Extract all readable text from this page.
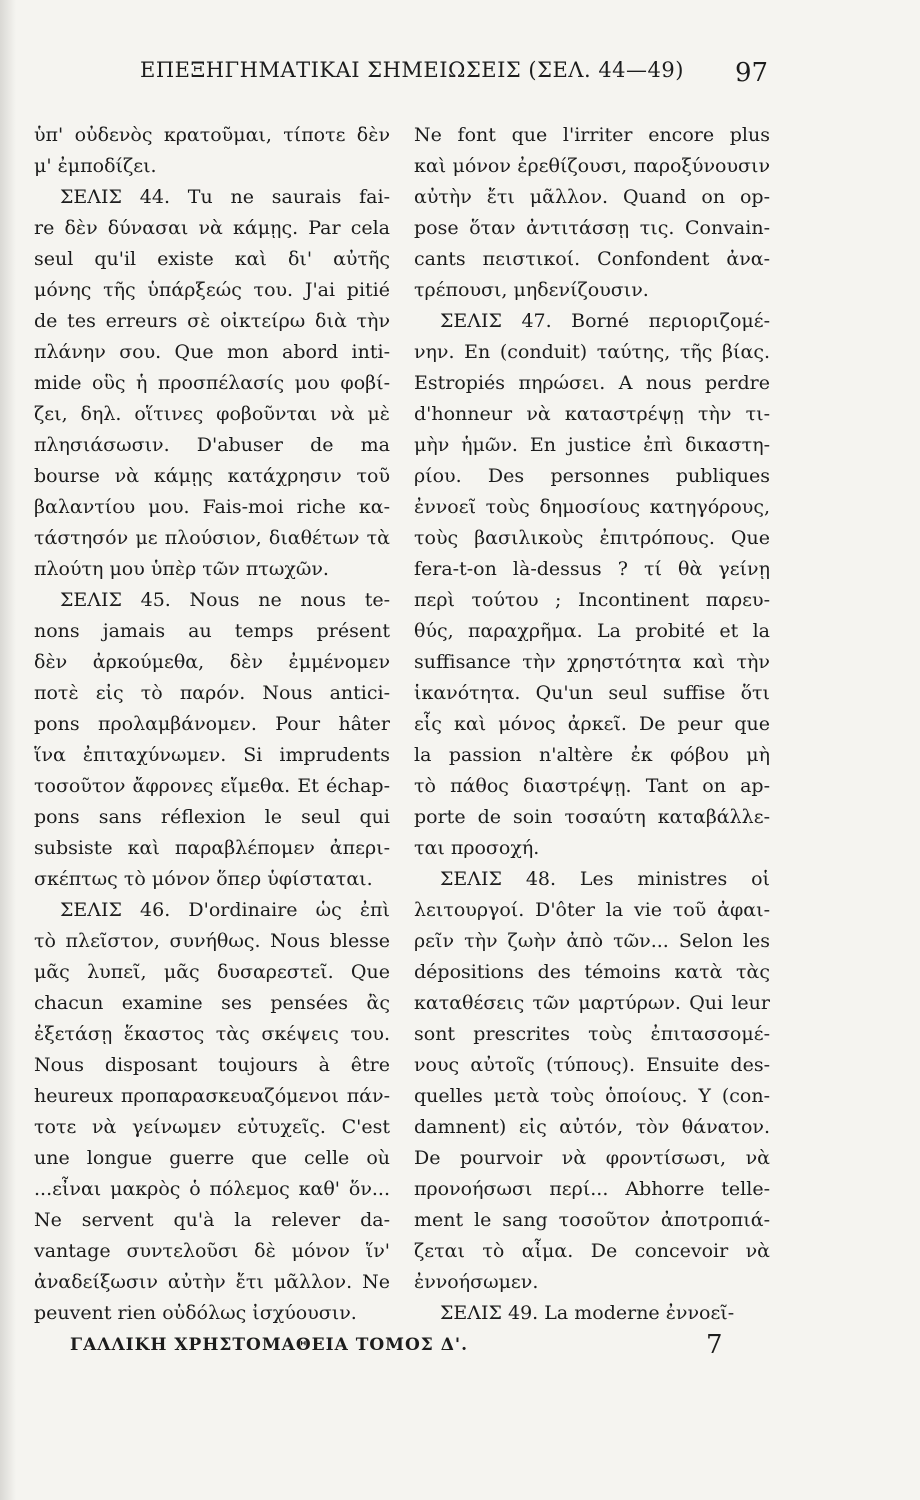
ΕΠΕΞΗΓΗΜΑΤΙΚΑΙ ΣΗΜΕΙΩΣΕΙΣ (ΣΕΛ. 44—49)	97
ὑπ' οὐδενὸς κρατοῦμαι, τίποτε δὲν
μ' ἐμποδίζει.
ΣΕΛΙΣ 44. Tu ne saurais fai-
re δὲν δύνασαι νὰ κάμῃς. Par cela
seul qu'il existe καὶ δι' αὐτῆς
μόνης τῆς ὑπάρξεώς του. J'ai pitié
de tes erreurs σὲ οἰκτείρω διὰ τὴν
πλάνην σου. Que mon abord inti-
mide οὓς ἡ προσπέλασίς μου φοβί-
ζει, δηλ. οἵτινες φοβοῦνται νὰ μὲ
πλησιάσωσιν. D'abuser de ma
bourse νὰ κάμῃς κατάχρησιν τοῦ
βαλαντίου μου. Fais-moi riche κα-
τάστησόν με πλούσιον, διαθέτων τὰ
πλούτη μου ὑπὲρ τῶν πτωχῶν.
ΣΕΛΙΣ 45. Nous ne nous te-
nons jamais au temps présent
δὲν ἀρκούμεθα, δὲν ἐμμένομεν
ποτὲ εἰς τὸ παρόν. Nous antici-
pons προλαμβάνομεν. Pour hâter
ἵνα ἐπιταχύνωμεν. Si imprudents
τοσοῦτον ἄφρονες εἴμεθα. Et échap-
pons sans réflexion le seul qui
subsiste καὶ παραβλέπομεν ἀπερι-
σκέπτως τὸ μόνον ὅπερ ὑφίσταται.
ΣΕΛΙΣ 46. D'ordinaire ὡς ἐπὶ
τὸ πλεῖστον, συνήθως. Nous blesse
μᾶς λυπεῖ, μᾶς δυσαρεστεῖ. Que
chacun examine ses pensées ἂς
ἐξετάσῃ ἕκαστος τὰς σκέψεις του.
Nous disposant toujours à être
heureux προπαρασκευαζόμενοι πάν-
τοτε νὰ γείνωμεν εὐτυχεῖς. C'est
une longue guerre que celle où
...εἶναι μακρὸς ὁ πόλεμος καθ' ὅν...
Ne servent qu'à la relever da-
vantage συντελοῦσι δὲ μόνον ἵν'
ἀναδείξωσιν αὐτὴν ἔτι μᾶλλον. Ne
peuvent rien οὐδόλως ἰσχύουσιν.
Ne font que l'irriter encore plus
καὶ μόνον ἐρεθίζουσι, παροξύνουσιν
αὐτὴν ἔτι μᾶλλον. Quand on op-
pose ὅταν ἀντιτάσσῃ τις. Convain-
cants πειστικοί. Confondent ἀνα-
τρέπουσι, μηδενίζουσιν.
ΣΕΛΙΣ 47. Borné περιοριζομέ-
νην. En (conduit) ταύτης, τῆς βίας.
Estropiés πηρώσει. A nous perdre
d'honneur νὰ καταστρέψῃ τὴν τι-
μὴν ἡμῶν. En justice ἐπὶ δικαστη-
ρίου. Des personnes publiques
ἐννοεῖ τοὺς δημοσίους κατηγόρους,
τοὺς βασιλικοὺς ἐπιτρόπους. Que
fera-t-on là-dessus ? τί θὰ γείνῃ
περὶ τούτου ; Incontinent παρευ-
θύς, παραχρῆμα. La probité et la
suffisance τὴν χρηστότητα καὶ τὴν
ἱκανότητα. Qu'un seul suffise ὅτι
εἷς καὶ μόνος ἀρκεῖ. De peur que
la passion n'altère ἐκ φόβου μὴ
τὸ πάθος διαστρέψῃ. Tant on ap-
porte de soin τοσαύτη καταβάλλε-
ται προσοχή.
ΣΕΛΙΣ 48. Les ministres οἱ
λειτουργοί. D'ôter la vie τοῦ ἀφαι-
ρεῖν τὴν ζωὴν ἀπὸ τῶν... Selon les
dépositions des témoins κατὰ τὰς
καταθέσεις τῶν μαρτύρων. Qui leur
sont prescrites τοὺς ἐπιτασσομέ-
νους αὐτοῖς (τύπους). Ensuite des-
quelles μετὰ τοὺς ὁποίους. Y (con-
damnent) εἰς αὐτόν, τὸν θάνατον.
De pourvoir νὰ φροντίσωσι, νὰ
προνοήσωσι περί... Abhorre telle-
ment le sang τοσοῦτον ἀποτροπιά-
ζεται τὸ αἷμα. De concevoir νὰ
ἐννοήσωμεν.
ΣΕΛΙΣ 49. La moderne ἐννοεῖ-
ΓΑΛΛΙΚΗ ΧΡΗΣΤΟΜΑΘΕΙΑ ΤΟΜΟΣ Δ'.	7
